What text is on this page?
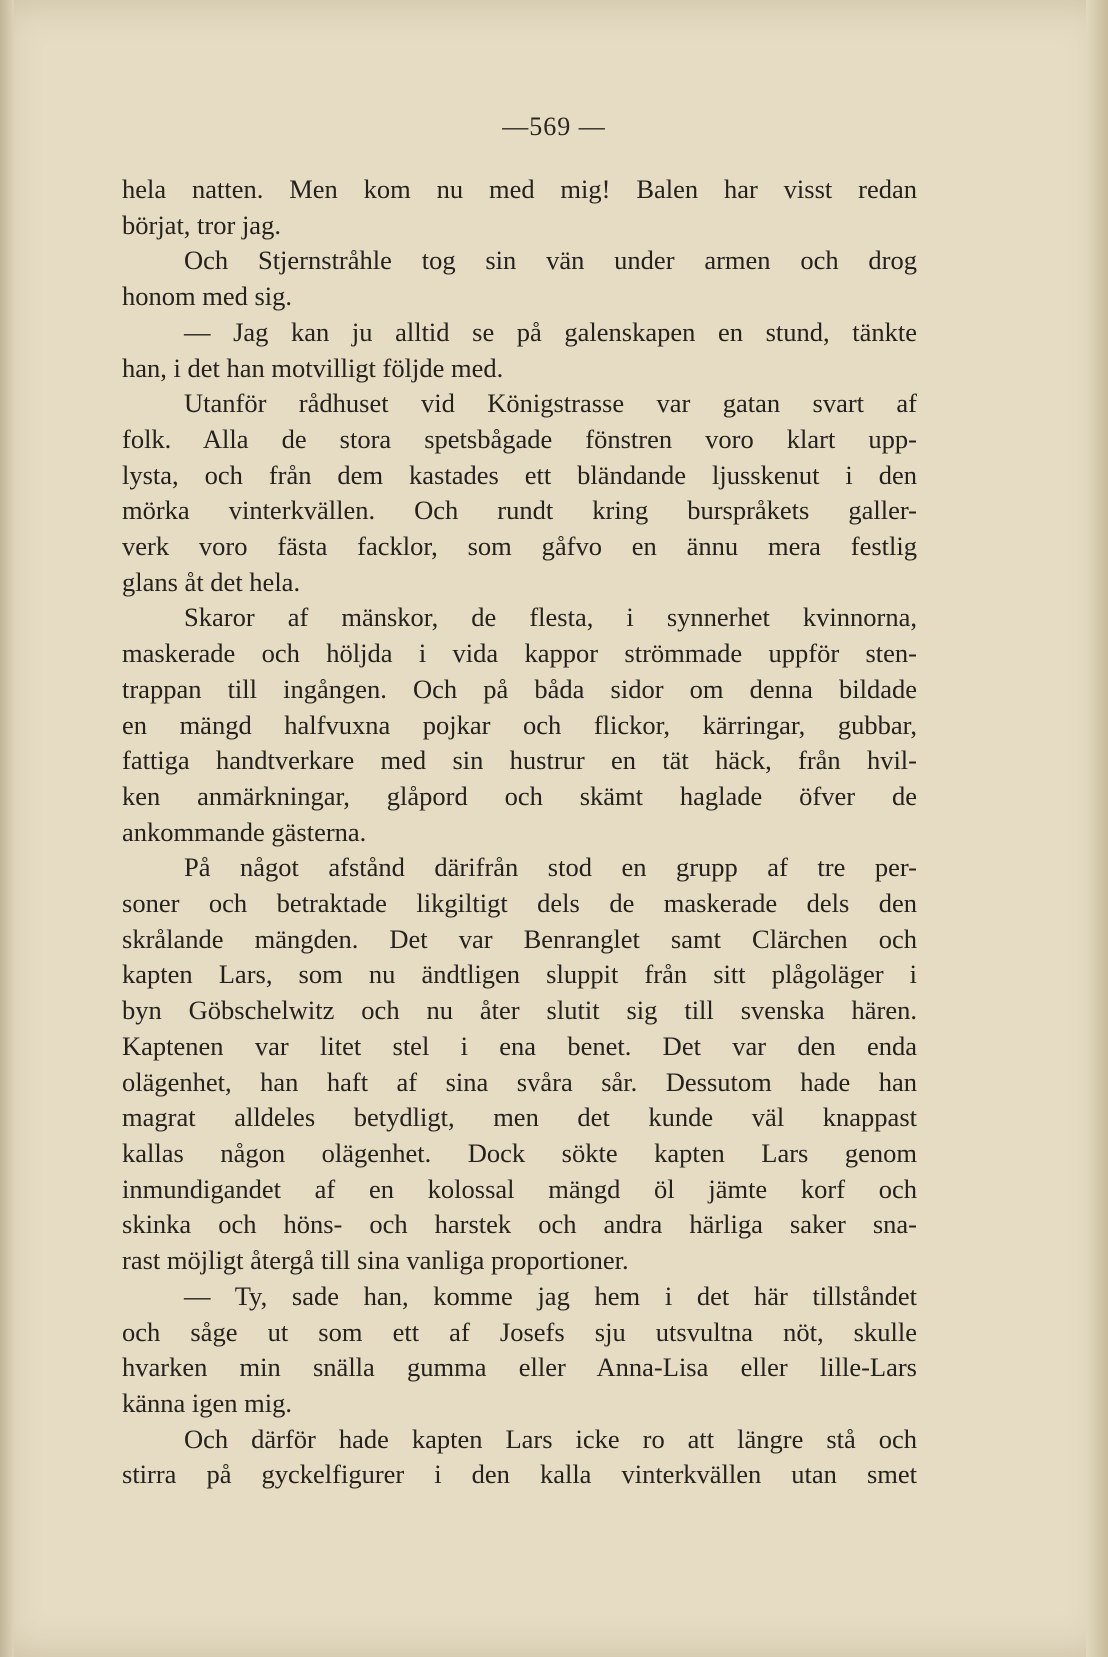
—569 —
hela natten. Men kom nu med mig! Balen har visst redan
börjat, tror jag.
Och Stjernstråhle tog sin vän under armen och drog
honom med sig.
— Jag kan ju alltid se på galenskapen en stund, tänkte
han, i det han motvilligt följde med.
Utanför rådhuset vid Königstrasse var gatan svart af
folk. Alla de stora spetsbågade fönstren voro klart upp-
lysta, och från dem kastades ett bländande ljusskenut i den
mörka vinterkvällen. Och rundt kring burspråkets galler-
verk voro fästa facklor, som gåfvo en ännu mera festlig
glans åt det hela.
Skaror af mänskor, de flesta, i synnerhet kvinnorna,
maskerade och höljda i vida kappor strömmade uppför sten-
trappan till ingången. Och på båda sidor om denna bildade
en mängd halfvuxna pojkar och flickor, kärringar, gubbar,
fattiga handtverkare med sin hustrur en tät häck, från hvil-
ken anmärkningar, glåpord och skämt haglade öfver de
ankommande gästerna.
På något afstånd därifrån stod en grupp af tre per-
soner och betraktade likgiltigt dels de maskerade dels den
skrålande mängden. Det var Benranglet samt Clärchen och
kapten Lars, som nu ändtligen sluppit från sitt plågoläger i
byn Göbschelwitz och nu åter slutit sig till svenska hären.
Kaptenen var litet stel i ena benet. Det var den enda
olägenhet, han haft af sina svåra sår. Dessutom hade han
magrat alldeles betydligt, men det kunde väl knappast
kallas någon olägenhet. Dock sökte kapten Lars genom
inmundigandet af en kolossal mängd öl jämte korf och
skinka och höns- och harstek och andra härliga saker sna-
rast möjligt återgå till sina vanliga proportioner.
— Ty, sade han, komme jag hem i det här tillståndet
och såge ut som ett af Josefs sju utsvultna nöt, skulle
hvarken min snälla gumma eller Anna-Lisa eller lille-Lars
känna igen mig.
Och därför hade kapten Lars icke ro att längre stå och
stirra på gyckelfigurer i den kalla vinterkvällen utan smet
